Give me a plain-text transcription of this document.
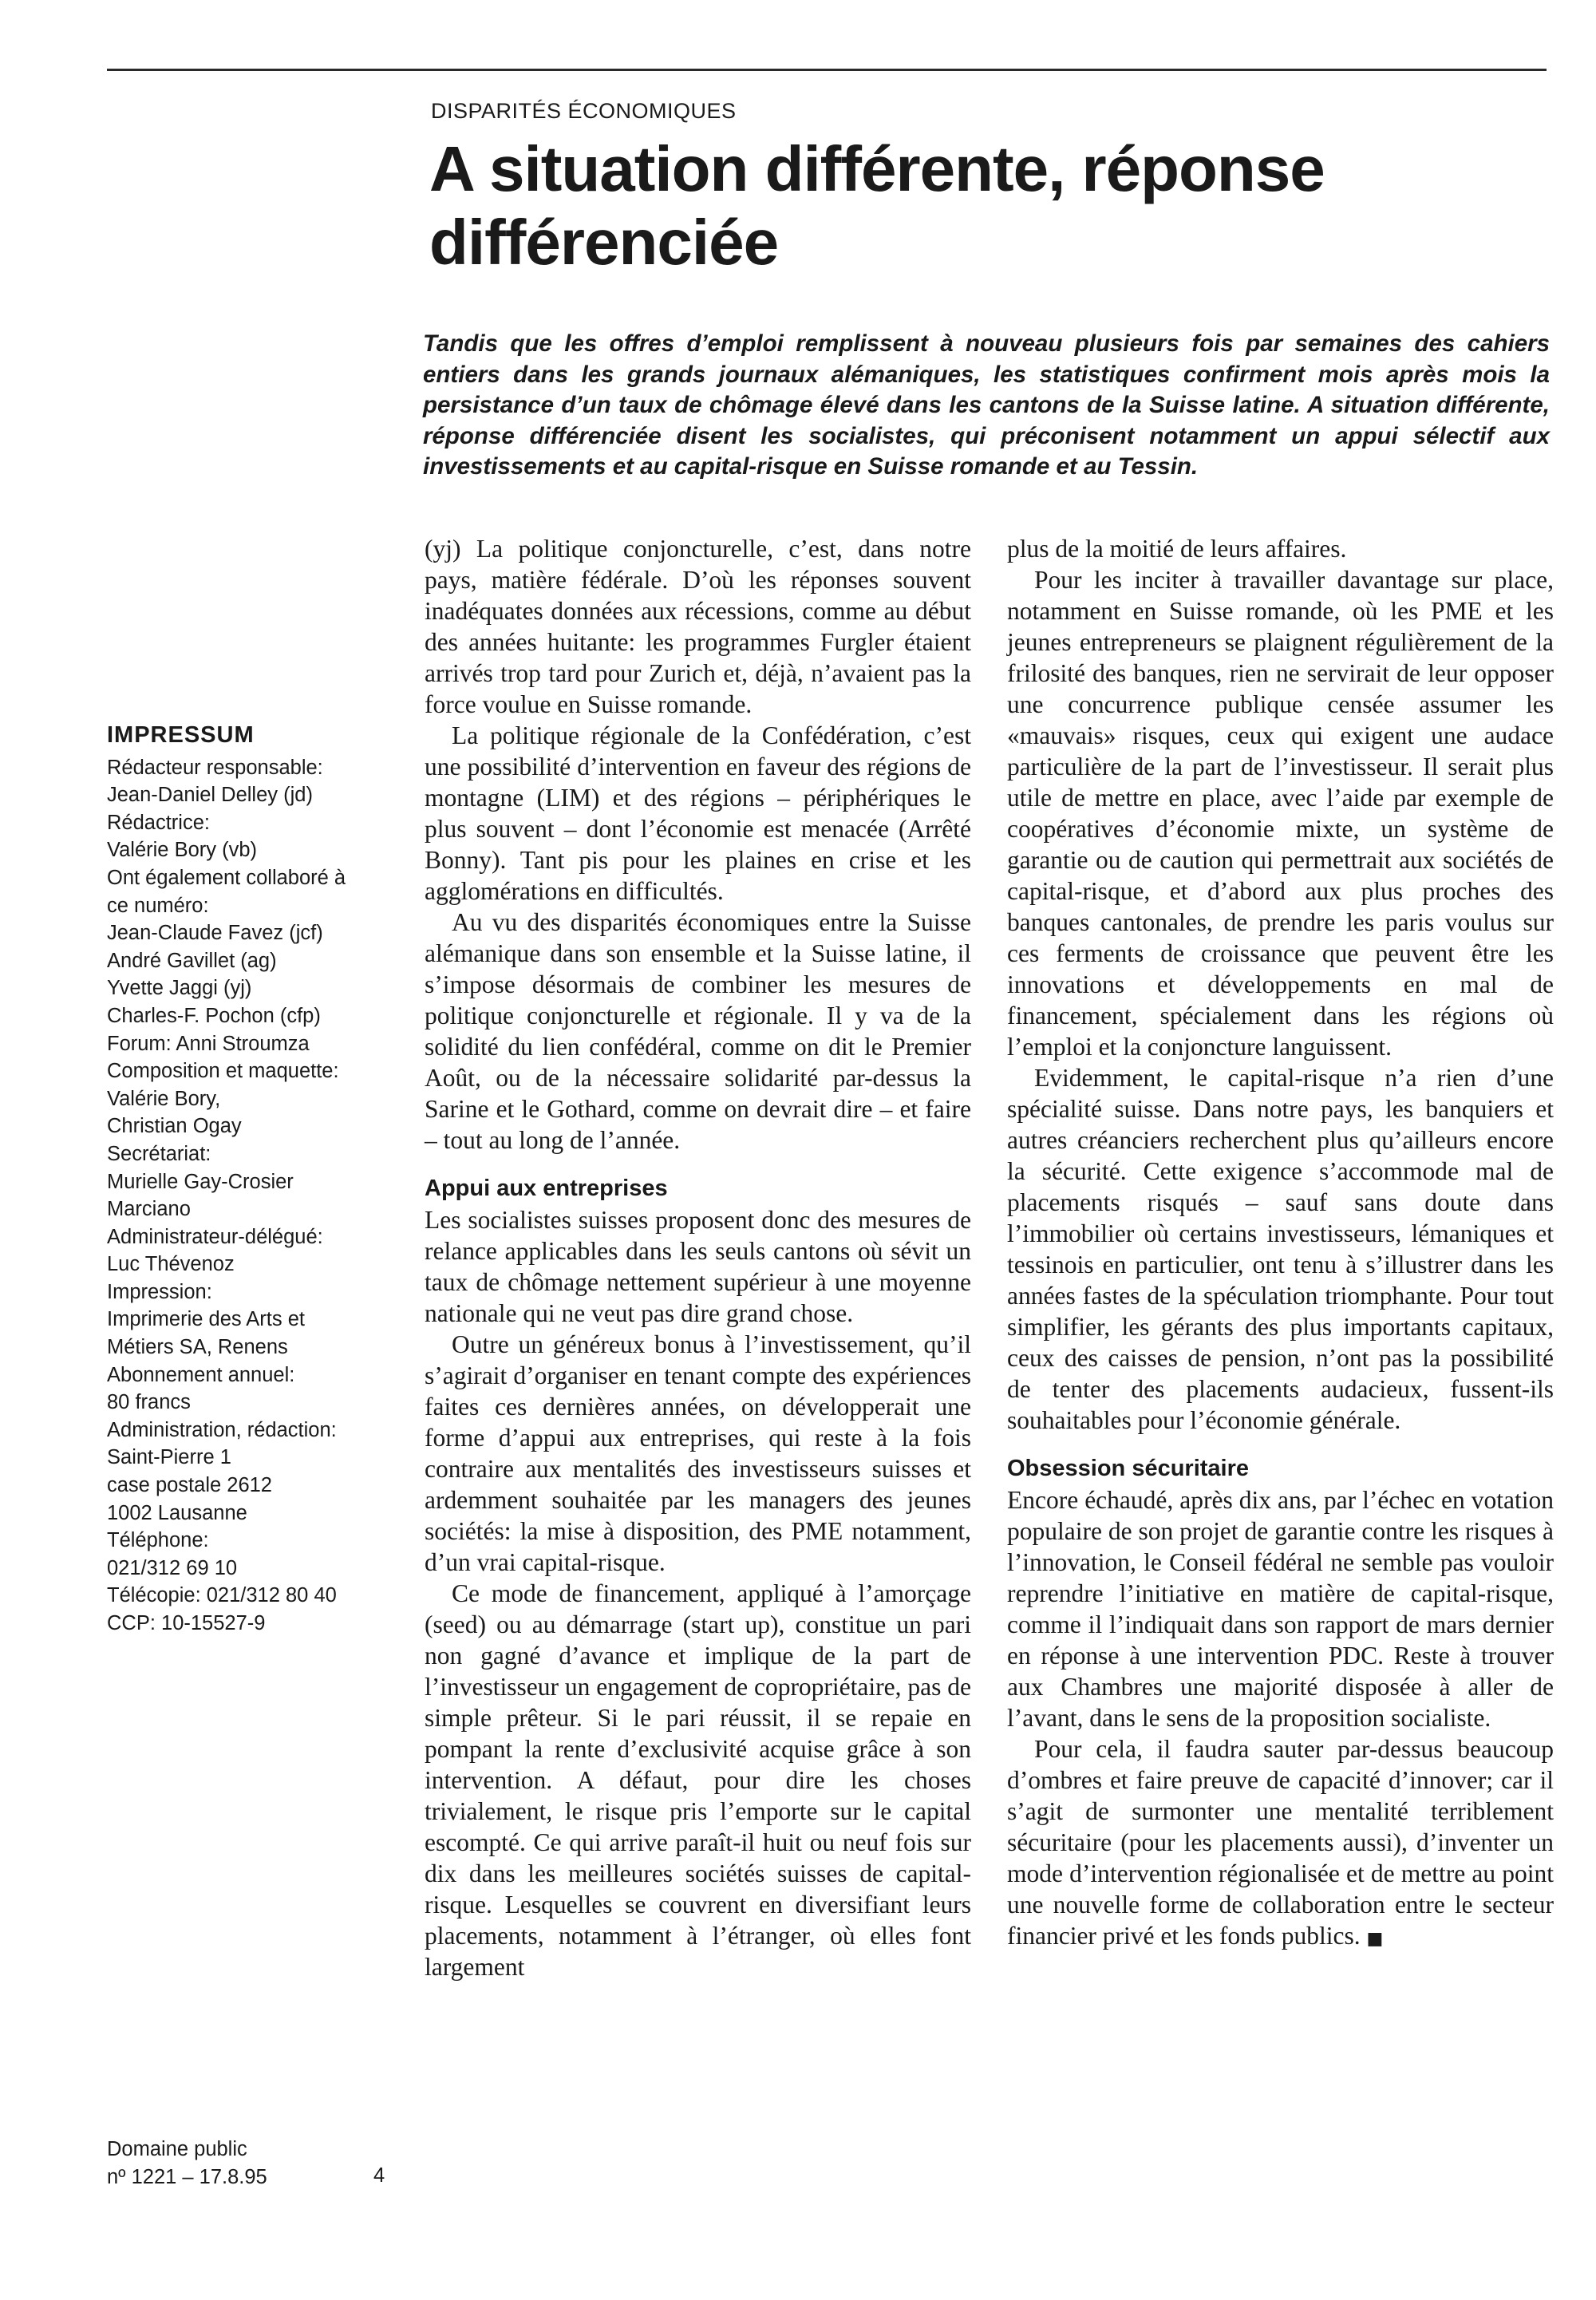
DISPARITÉS ÉCONOMIQUES
A situation différente, réponse différenciée

Tandis que les offres d’emploi remplissent à nouveau plusieurs fois par semaines des cahiers entiers dans les grands journaux alémaniques, les statistiques confirment mois après mois la persistance d’un taux de chômage élevé dans les cantons de la Suisse latine. A situation différente, réponse différenciée disent les socialistes, qui préconisent notamment un appui sélectif aux investissements et au capital-risque en Suisse romande et au Tessin.

IMPRESSUM
Rédacteur responsable:
Jean-Daniel Delley (jd)
Rédactrice:
Valérie Bory (vb)
Ont également collaboré à
ce numéro:
Jean-Claude Favez (jcf)
André Gavillet (ag)
Yvette Jaggi (yj)
Charles-F. Pochon (cfp)
Forum: Anni Stroumza
Composition et maquette:
Valérie Bory,
Christian Ogay
Secrétariat:
Murielle Gay-Crosier
Marciano
Administrateur-délégué:
Luc Thévenoz
Impression:
Imprimerie des Arts et
Métiers SA, Renens
Abonnement annuel:
80 francs
Administration, rédaction:
Saint-Pierre 1
case postale 2612
1002 Lausanne
Téléphone:
021/312 69 10
Télécopie: 021/312 80 40
CCP: 10-15527-9

(yj) La politique conjoncturelle, c’est, dans notre pays, matière fédérale. D’où les réponses souvent inadéquates données aux récessions, comme au début des années huitante: les programmes Furgler étaient arrivés trop tard pour Zurich et, déjà, n’avaient pas la force voulue en Suisse romande.

La politique régionale de la Confédération, c’est une possibilité d’intervention en faveur des régions de montagne (LIM) et des régions – périphériques le plus souvent – dont l’économie est menacée (Arrêté Bonny). Tant pis pour les plaines en crise et les agglomérations en difficultés.

Au vu des disparités économiques entre la Suisse alémanique dans son ensemble et la Suisse latine, il s’impose désormais de combiner les mesures de politique conjoncturelle et régionale. Il y va de la solidité du lien confédéral, comme on dit le Premier Août, ou de la nécessaire solidarité par-dessus la Sarine et le Gothard, comme on devrait dire – et faire – tout au long de l’année.

Appui aux entreprises

Les socialistes suisses proposent donc des mesures de relance applicables dans les seuls cantons où sévit un taux de chômage nettement supérieur à une moyenne nationale qui ne veut pas dire grand chose.

Outre un généreux bonus à l’investissement, qu’il s’agirait d’organiser en tenant compte des expériences faites ces dernières années, on développerait une forme d’appui aux entreprises, qui reste à la fois contraire aux mentalités des investisseurs suisses et ardemment souhaitée par les managers des jeunes sociétés: la mise à disposition, des PME notamment, d’un vrai capital-risque.

Ce mode de financement, appliqué à l’amorçage (seed) ou au démarrage (start up), constitue un pari non gagné d’avance et implique de la part de l’investisseur un engagement de copropriétaire, pas de simple prêteur. Si le pari réussit, il se repaie en pompant la rente d’exclusivité acquise grâce à son intervention. A défaut, pour dire les choses trivialement, le risque pris l’emporte sur le capital escompté. Ce qui arrive paraît-il huit ou neuf fois sur dix dans les meilleures sociétés suisses de capital-risque. Lesquelles se couvrent en diversifiant leurs placements, notamment à l’étranger, où elles font largement

plus de la moitié de leurs affaires.

Pour les inciter à travailler davantage sur place, notamment en Suisse romande, où les PME et les jeunes entrepreneurs se plaignent régulièrement de la frilosité des banques, rien ne servirait de leur opposer une concurrence publique censée assumer les «mauvais» risques, ceux qui exigent une audace particulière de la part de l’investisseur. Il serait plus utile de mettre en place, avec l’aide par exemple de coopératives d’économie mixte, un système de garantie ou de caution qui permettrait aux sociétés de capital-risque, et d’abord aux plus proches des banques cantonales, de prendre les paris voulus sur ces ferments de croissance que peuvent être les innovations et développements en mal de financement, spécialement dans les régions où l’emploi et la conjoncture languissent.

Evidemment, le capital-risque n’a rien d’une spécialité suisse. Dans notre pays, les banquiers et autres créanciers recherchent plus qu’ailleurs encore la sécurité. Cette exigence s’accommode mal de placements risqués – sauf sans doute dans l’immobilier où certains investisseurs, lémaniques et tessinois en particulier, ont tenu à s’illustrer dans les années fastes de la spéculation triomphante. Pour tout simplifier, les gérants des plus importants capitaux, ceux des caisses de pension, n’ont pas la possibilité de tenter des placements audacieux, fussent-ils souhaitables pour l’économie générale.

Obsession sécuritaire

Encore échaudé, après dix ans, par l’échec en votation populaire de son projet de garantie contre les risques à l’innovation, le Conseil fédéral ne semble pas vouloir reprendre l’initiative en matière de capital-risque, comme il l’indiquait dans son rapport de mars dernier en réponse à une intervention PDC. Reste à trouver aux Chambres une majorité disposée à aller de l’avant, dans le sens de la proposition socialiste.

Pour cela, il faudra sauter par-dessus beaucoup d’ombres et faire preuve de capacité d’innover; car il s’agit de surmonter une mentalité terriblement sécuritaire (pour les placements aussi), d’inventer un mode d’intervention régionalisée et de mettre au point une nouvelle forme de collaboration entre le secteur financier privé et les fonds publics. ■

Domaine public
nº 1221 – 17.8.95	4
